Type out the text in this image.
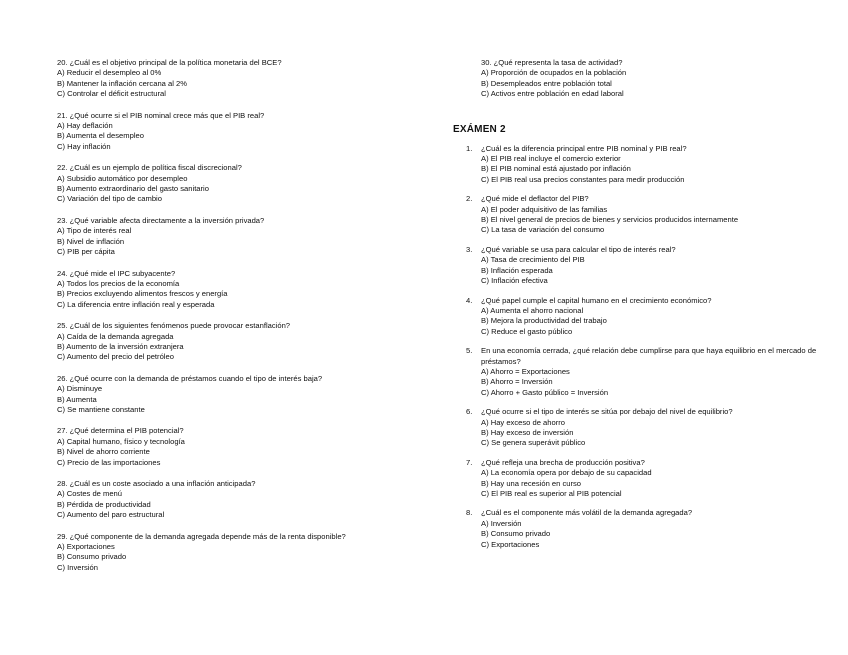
20. ¿Cuál es el objetivo principal de la política monetaria del BCE?
A) Reducir el desempleo al 0%
B) Mantener la inflación cercana al 2%
C) Controlar el déficit estructural
21. ¿Qué ocurre si el PIB nominal crece más que el PIB real?
A) Hay deflación
B) Aumenta el desempleo
C) Hay inflación
22. ¿Cuál es un ejemplo de política fiscal discrecional?
A) Subsidio automático por desempleo
B) Aumento extraordinario del gasto sanitario
C) Variación del tipo de cambio
23. ¿Qué variable afecta directamente a la inversión privada?
A) Tipo de interés real
B) Nivel de inflación
C) PIB per cápita
24. ¿Qué mide el IPC subyacente?
A) Todos los precios de la economía
B) Precios excluyendo alimentos frescos y energía
C) La diferencia entre inflación real y esperada
25. ¿Cuál de los siguientes fenómenos puede provocar estanflación?
A) Caída de la demanda agregada
B) Aumento de la inversión extranjera
C) Aumento del precio del petróleo
26. ¿Qué ocurre con la demanda de préstamos cuando el tipo de interés baja?
A) Disminuye
B) Aumenta
C) Se mantiene constante
27. ¿Qué determina el PIB potencial?
A) Capital humano, físico y tecnología
B) Nivel de ahorro corriente
C) Precio de las importaciones
28. ¿Cuál es un coste asociado a una inflación anticipada?
A) Costes de menú
B) Pérdida de productividad
C) Aumento del paro estructural
29. ¿Qué componente de la demanda agregada depende más de la renta disponible?
A) Exportaciones
B) Consumo privado
C) Inversión
30. ¿Qué representa la tasa de actividad?
A) Proporción de ocupados en la población
B) Desempleados entre población total
C) Activos entre población en edad laboral
EXÁMEN 2
1. ¿Cuál es la diferencia principal entre PIB nominal y PIB real?
A) El PIB real incluye el comercio exterior
B) El PIB nominal está ajustado por inflación
C) El PIB real usa precios constantes para medir producción
2. ¿Qué mide el deflactor del PIB?
A) El poder adquisitivo de las familias
B) El nivel general de precios de bienes y servicios producidos internamente
C) La tasa de variación del consumo
3. ¿Qué variable se usa para calcular el tipo de interés real?
A) Tasa de crecimiento del PIB
B) Inflación esperada
C) Inflación efectiva
4. ¿Qué papel cumple el capital humano en el crecimiento económico?
A) Aumenta el ahorro nacional
B) Mejora la productividad del trabajo
C) Reduce el gasto público
5. En una economía cerrada, ¿qué relación debe cumplirse para que haya equilibrio en el mercado de préstamos?
A) Ahorro = Exportaciones
B) Ahorro = Inversión
C) Ahorro + Gasto público = Inversión
6. ¿Qué ocurre si el tipo de interés se sitúa por debajo del nivel de equilibrio?
A) Hay exceso de ahorro
B) Hay exceso de inversión
C) Se genera superávit público
7. ¿Qué refleja una brecha de producción positiva?
A) La economía opera por debajo de su capacidad
B) Hay una recesión en curso
C) El PIB real es superior al PIB potencial
8. ¿Cuál es el componente más volátil de la demanda agregada?
A) Inversión
B) Consumo privado
C) Exportaciones
